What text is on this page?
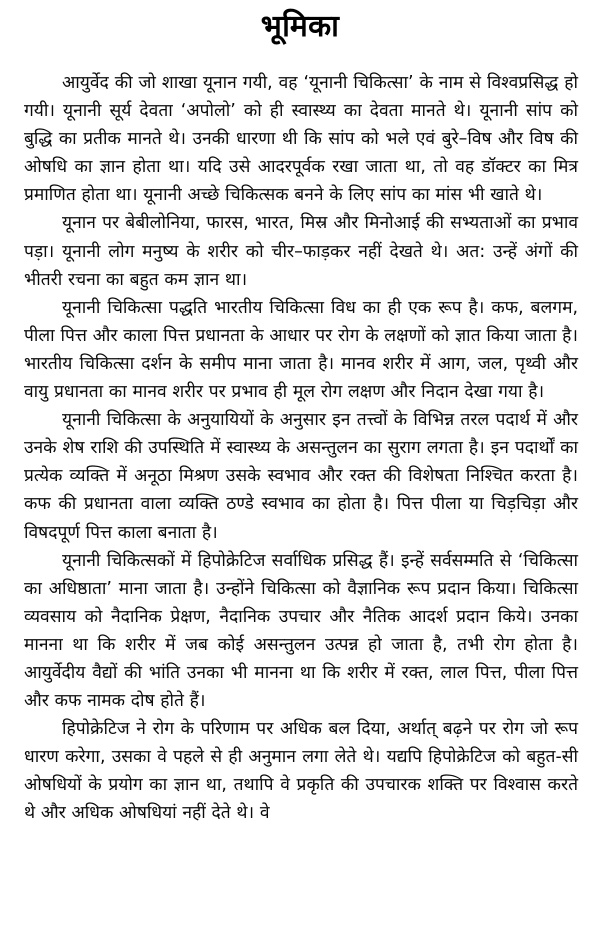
भूमिका

आयुर्वेद की जो शाखा यूनान गयी, वह ‘यूनानी चिकित्सा’ के नाम से विश्वप्रसिद्ध हो गयी। यूनानी सूर्य देवता ‘अपोलो’ को ही स्वास्थ्य का देवता मानते थे। यूनानी सांप को बुद्धि का प्रतीक मानते थे। उनकी धारणा थी कि सांप को भले एवं बुरे–विष और विष की ओषधि का ज्ञान होता था। यदि उसे आदरपूर्वक रखा जाता था, तो वह डॉक्टर का मित्र प्रमाणित होता था। यूनानी अच्छे चिकित्सक बनने के लिए सांप का मांस भी खाते थे।

यूनान पर बेबीलोनिया, फारस, भारत, मिस्र और मिनोआई की सभ्यताओं का प्रभाव पड़ा। यूनानी लोग मनुष्य के शरीर को चीर–फाड़कर नहीं देखते थे। अत: उन्हें अंगों की भीतरी रचना का बहुत कम ज्ञान था।

यूनानी चिकित्सा पद्धति भारतीय चिकित्सा विध का ही एक रूप है। कफ, बलगम, पीला पित्त और काला पित्त प्रधानता के आधार पर रोग के लक्षणों को ज्ञात किया जाता है। भारतीय चिकित्सा दर्शन के समीप माना जाता है। मानव शरीर में आग, जल, पृथ्वी और वायु प्रधानता का मानव शरीर पर प्रभाव ही मूल रोग लक्षण और निदान देखा गया है।

यूनानी चिकित्सा के अनुयायियों के अनुसार इन तत्त्वों के विभिन्न तरल पदार्थ में और उनके शेष राशि की उपस्थिति में स्वास्थ्य के असन्तुलन का सुराग लगता है। इन पदार्थों का प्रत्येक व्यक्ति में अनूठा मिश्रण उसके स्वभाव और रक्त की विशेषता निश्चित करता है। कफ की प्रधानता वाला व्यक्ति ठण्डे स्वभाव का होता है। पित्त पीला या चिड़चिड़ा और विषदपूर्ण पित्त काला बनाता है।

यूनानी चिकित्सकों में हिपोक्रेटिज सर्वाधिक प्रसिद्ध हैं। इन्हें सर्वसम्मति से ‘चिकित्सा का अधिष्ठाता’ माना जाता है। उन्होंने चिकित्सा को वैज्ञानिक रूप प्रदान किया। चिकित्सा व्यवसाय को नैदानिक प्रेक्षण, नैदानिक उपचार और नैतिक आदर्श प्रदान किये। उनका मानना था कि शरीर में जब कोई असन्तुलन उत्पन्न हो जाता है, तभी रोग होता है। आयुर्वेदीय वैद्यों की भांति उनका भी मानना था कि शरीर में रक्त, लाल पित्त, पीला पित्त और कफ नामक दोष होते हैं।

हिपोक्रेटिज ने रोग के परिणाम पर अधिक बल दिया, अर्थात् बढ़ने पर रोग जो रूप धारण करेगा, उसका वे पहले से ही अनुमान लगा लेते थे। यद्यपि हिपोक्रेटिज को बहुत-सी ओषधियों के प्रयोग का ज्ञान था, तथापि वे प्रकृति की उपचारक शक्ति पर विश्वास करते थे और अधिक ओषधियां नहीं देते थे। वे
